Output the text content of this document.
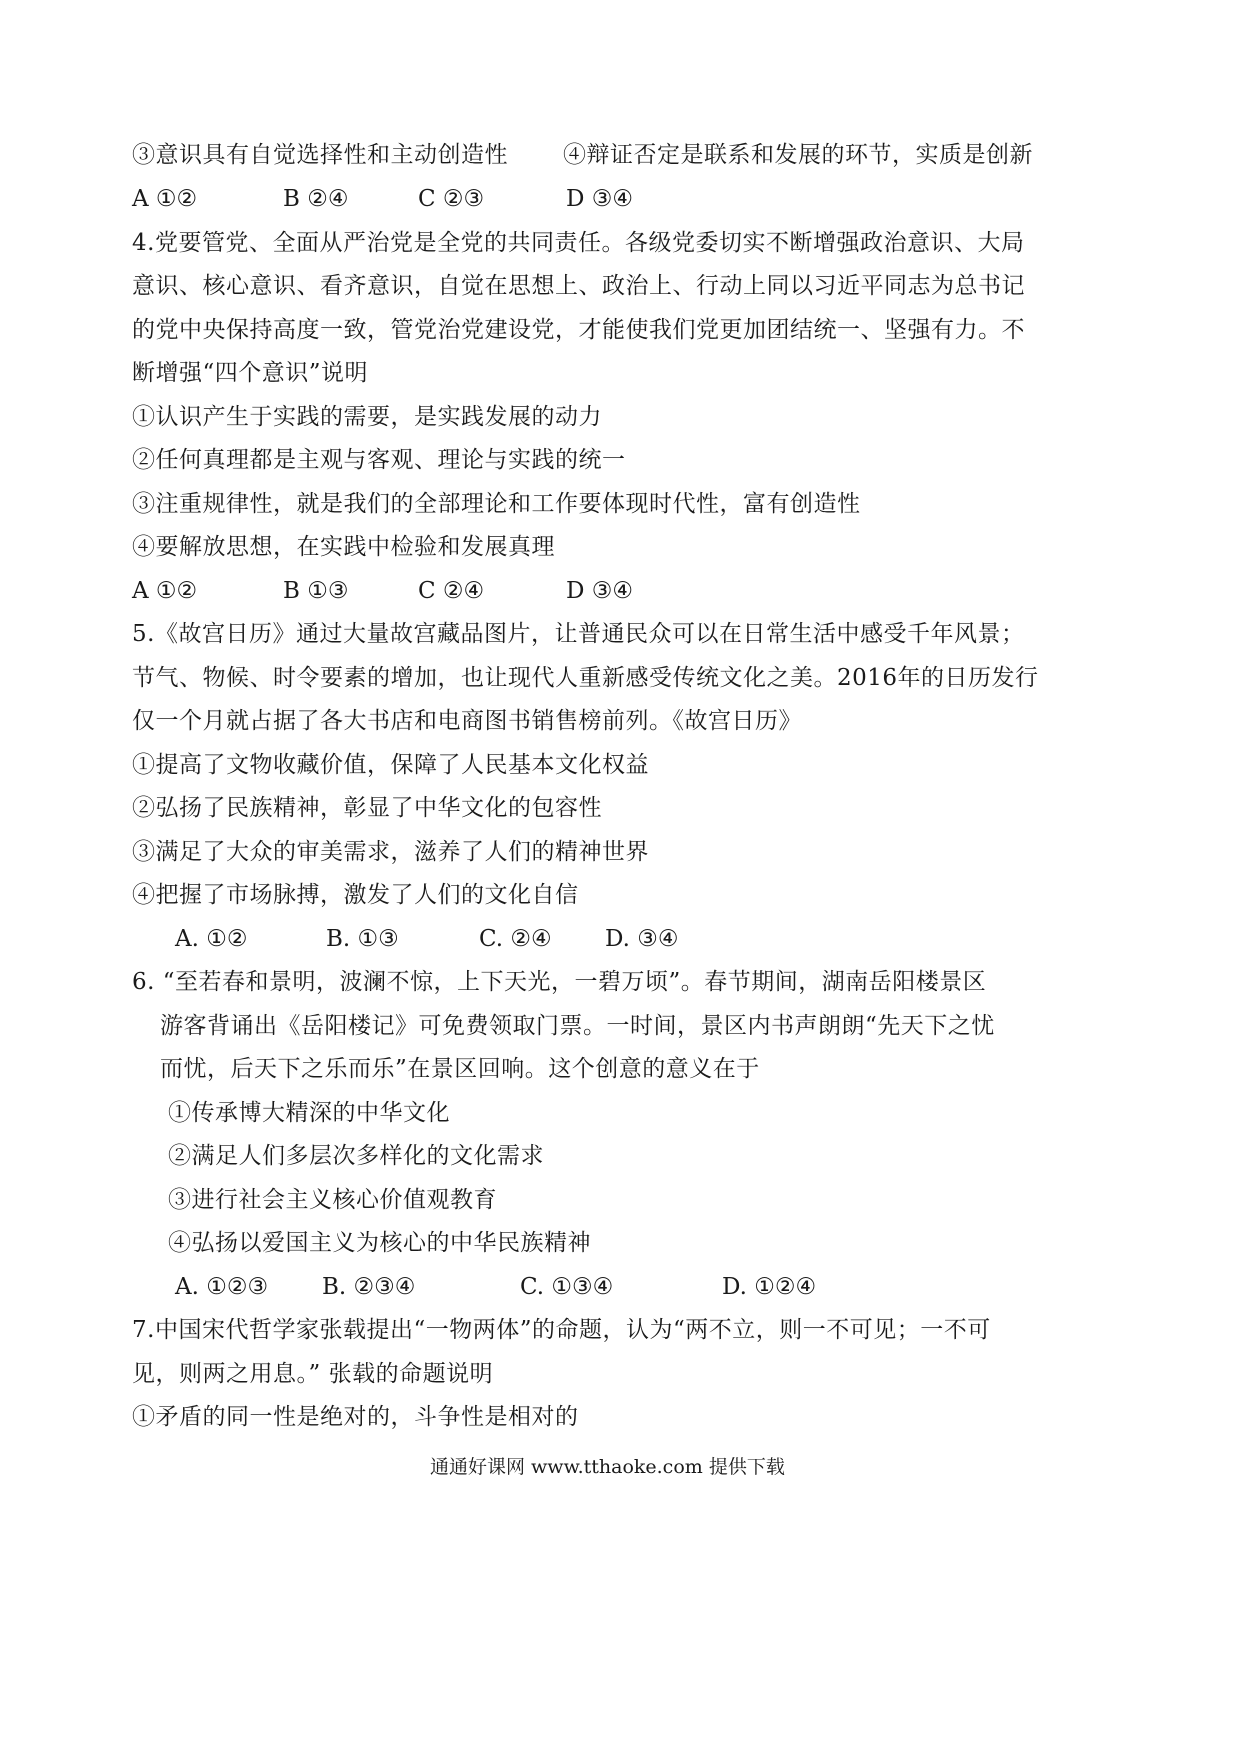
③意识具有自觉选择性和主动创造性 ④辩证否定是联系和发展的环节，实质是创新
A ①②	B ②④	C ②③	D ③④
4.党要管党、全面从严治党是全党的共同责任。各级党委切实不断增强政治意识、大局
意识、核心意识、看齐意识，自觉在思想上、政治上、行动上同以习近平同志为总书记
的党中央保持高度一致，管党治党建设党，才能使我们党更加团结统一、坚强有力。不
断增强“四个意识”说明
①认识产生于实践的需要，是实践发展的动力
②任何真理都是主观与客观、理论与实践的统一
③注重规律性，就是我们的全部理论和工作要体现时代性，富有创造性
④要解放思想，在实践中检验和发展真理
A ①②	B ①③	C ②④	D ③④
5.《故宫日历》通过大量故宫藏品图片，让普通民众可以在日常生活中感受千年风景；
节气、物候、时令要素的增加，也让现代人重新感受传统文化之美。2016年的日历发行
仅一个月就占据了各大书店和电商图书销售榜前列。《故宫日历》
①提高了文物收藏价值，保障了人民基本文化权益
②弘扬了民族精神，彰显了中华文化的包容性
③满足了大众的审美需求，滋养了人们的精神世界
④把握了市场脉搏，激发了人们的文化自信
A. ①②	B. ①③	C. ②④ D. ③④
6. “至若春和景明，波澜不惊，上下天光，一碧万顷”。春节期间，湖南岳阳楼景区
游客背诵出《岳阳楼记》可免费领取门票。一时间，景区内书声朗朗“先天下之忧
而忧，后天下之乐而乐”在景区回响。这个创意的意义在于
①传承博大精深的中华文化
②满足人们多层次多样化的文化需求
③进行社会主义核心价值观教育
④弘扬以爱国主义为核心的中华民族精神
A. ①②③ B. ②③④	C. ①③④	D. ①②④
7.中国宋代哲学家张载提出“一物两体”的命题，认为“两不立，则一不可见；一不可
见，则两之用息。” 张载的命题说明
①矛盾的同一性是绝对的，斗争性是相对的
通通好课网 www.tthaoke.com 提供下载
